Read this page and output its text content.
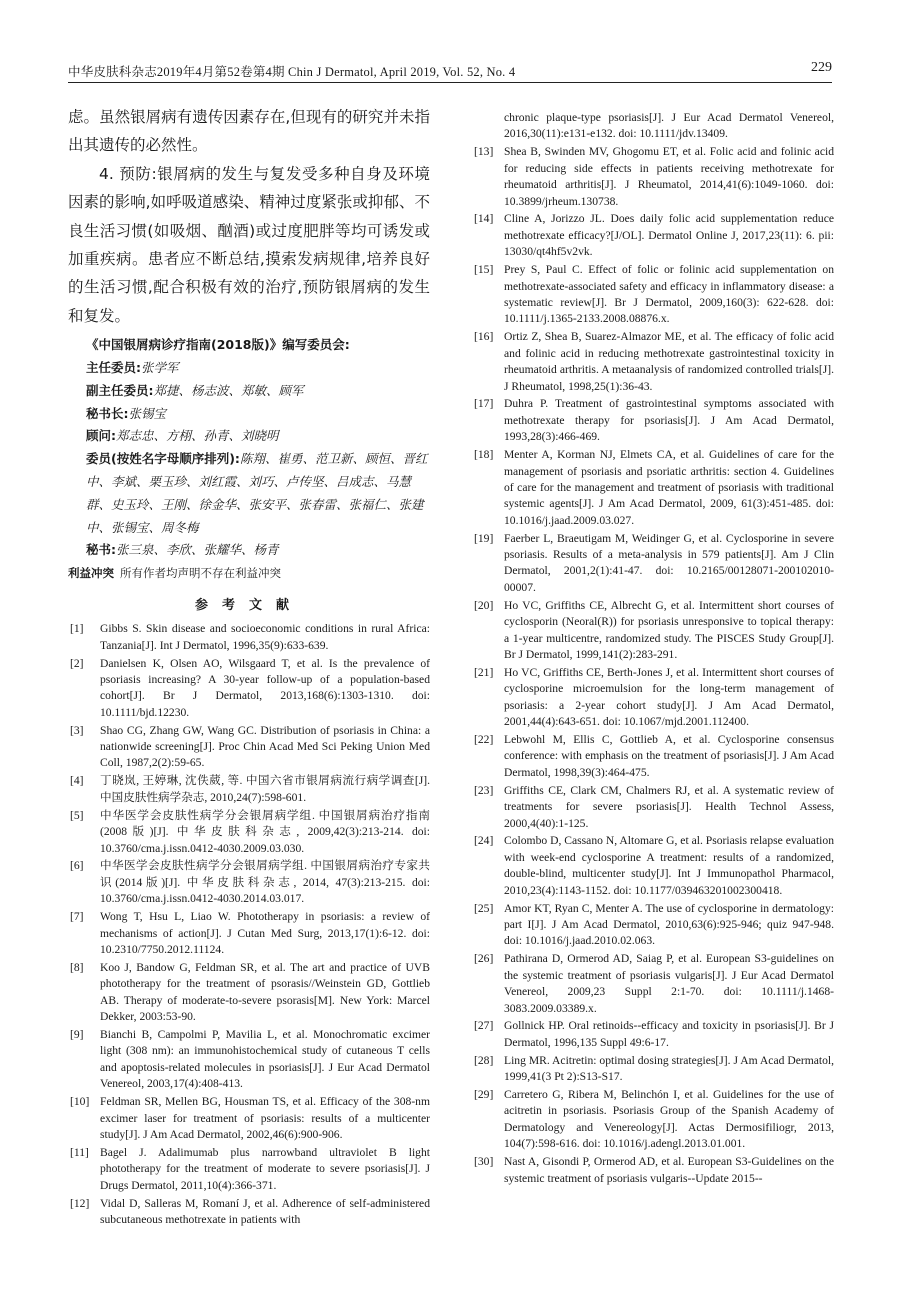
中华皮肤科杂志2019年4月第52卷第4期 Chin J Dermatol, April 2019, Vol. 52, No. 4	229

虑。虽然银屑病有遗传因素存在,但现有的研究并未指出其遗传的必然性。

4. 预防:银屑病的发生与复发受多种自身及环境因素的影响,如呼吸道感染、精神过度紧张或抑郁、不良生活习惯(如吸烟、酗酒)或过度肥胖等均可诱发或加重疾病。患者应不断总结,摸索发病规律,培养良好的生活习惯,配合积极有效的治疗,预防银屑病的发生和复发。

《中国银屑病诊疗指南(2018版)》编写委员会:
主任委员:张学军
副主任委员:郑捷、杨志波、郑敏、顾军
秘书长:张锡宝
顾问:郑志忠、方栩、孙青、刘晓明
委员(按姓名字母顺序排列):陈翔、崔勇、范卫新、顾恒、晋红中、李斌、栗玉珍、刘红霞、刘巧、卢传坚、吕成志、马慧群、史玉玲、王刚、徐金华、张安平、张春雷、张福仁、张建中、张锡宝、周冬梅
秘书:张三泉、李欣、张耀华、杨青
利益冲突 所有作者均声明不存在利益冲突
参考文献
[1] Gibbs S. Skin disease and socioeconomic conditions in rural Africa: Tanzania[J]. Int J Dermatol, 1996,35(9):633-639.
[2] Danielsen K, Olsen AO, Wilsgaard T, et al. Is the prevalence of psoriasis increasing? A 30-year follow-up of a population-based cohort[J]. Br J Dermatol, 2013,168(6):1303-1310. doi: 10.1111/bjd.12230.
[3] Shao CG, Zhang GW, Wang GC. Distribution of psoriasis in China: a nationwide screening[J]. Proc Chin Acad Med Sci Peking Union Med Coll, 1987,2(2):59-65.
[4] 丁晓岚, 王婷琳, 沈佚葳, 等. 中国六省市银屑病流行病学调查[J]. 中国皮肤性病学杂志, 2010,24(7):598-601.
[5] 中华医学会皮肤性病学分会银屑病学组. 中国银屑病治疗指南(2008版)[J]. 中华皮肤科杂志, 2009,42(3):213-214. doi: 10.3760/cma.j.issn.0412-4030.2009.03.030.
[6] 中华医学会皮肤性病学分会银屑病学组. 中国银屑病治疗专家共识(2014版)[J]. 中华皮肤科杂志, 2014, 47(3):213-215. doi: 10.3760/cma.j.issn.0412-4030.2014.03.017.
[7] Wong T, Hsu L, Liao W. Phototherapy in psoriasis: a review of mechanisms of action[J]. J Cutan Med Surg, 2013,17(1):6-12. doi: 10.2310/7750.2012.11124.
[8] Koo J, Bandow G, Feldman SR, et al. The art and practice of UVB phototherapy for the treatment of psorasis//Weinstein GD, Gottlieb AB. Therapy of moderate-to-severe psorasis[M]. New York: Marcel Dekker, 2003:53-90.
[9] Bianchi B, Campolmi P, Mavilia L, et al. Monochromatic excimer light (308 nm): an immunohistochemical study of cutaneous T cells and apoptosis-related molecules in psoriasis[J]. J Eur Acad Dermatol Venereol, 2003,17(4):408-413.
[10] Feldman SR, Mellen BG, Housman TS, et al. Efficacy of the 308-nm excimer laser for treatment of psoriasis: results of a multicenter study[J]. J Am Acad Dermatol, 2002,46(6):900-906.
[11] Bagel J. Adalimumab plus narrowband ultraviolet B light phototherapy for the treatment of moderate to severe psoriasis[J]. J Drugs Dermatol, 2011,10(4):366-371.
[12] Vidal D, Salleras M, Romaní J, et al. Adherence of self-administered subcutaneous methotrexate in patients with
chronic plaque-type psoriasis[J]. J Eur Acad Dermatol Venereol, 2016,30(11):e131-e132. doi: 10.1111/jdv.13409.
[13] Shea B, Swinden MV, Ghogomu ET, et al. Folic acid and folinic acid for reducing side effects in patients receiving methotrexate for rheumatoid arthritis[J]. J Rheumatol, 2014,41(6):1049-1060. doi: 10.3899/jrheum.130738.
[14] Cline A, Jorizzo JL. Does daily folic acid supplementation reduce methotrexate efficacy?[J/OL]. Dermatol Online J, 2017,23(11): 6. pii: 13030/qt4hf5v2vk.
[15] Prey S, Paul C. Effect of folic or folinic acid supplementation on methotrexate-associated safety and efficacy in inflammatory disease: a systematic review[J]. Br J Dermatol, 2009,160(3): 622-628. doi: 10.1111/j.1365-2133.2008.08876.x.
[16] Ortiz Z, Shea B, Suarez-Almazor ME, et al. The efficacy of folic acid and folinic acid in reducing methotrexate gastrointestinal toxicity in rheumatoid arthritis. A metaanalysis of randomized controlled trials[J]. J Rheumatol, 1998,25(1):36-43.
[17] Duhra P. Treatment of gastrointestinal symptoms associated with methotrexate therapy for psoriasis[J]. J Am Acad Dermatol, 1993,28(3):466-469.
[18] Menter A, Korman NJ, Elmets CA, et al. Guidelines of care for the management of psoriasis and psoriatic arthritis: section 4. Guidelines of care for the management and treatment of psoriasis with traditional systemic agents[J]. J Am Acad Dermatol, 2009, 61(3):451-485. doi: 10.1016/j.jaad.2009.03.027.
[19] Faerber L, Braeutigam M, Weidinger G, et al. Cyclosporine in severe psoriasis. Results of a meta-analysis in 579 patients[J]. Am J Clin Dermatol, 2001,2(1):41-47. doi: 10.2165/00128071-200102010-00007.
[20] Ho VC, Griffiths CE, Albrecht G, et al. Intermittent short courses of cyclosporin (Neoral(R)) for psoriasis unresponsive to topical therapy: a 1-year multicentre, randomized study. The PISCES Study Group[J]. Br J Dermatol, 1999,141(2):283-291.
[21] Ho VC, Griffiths CE, Berth-Jones J, et al. Intermittent short courses of cyclosporine microemulsion for the long-term management of psoriasis: a 2-year cohort study[J]. J Am Acad Dermatol, 2001,44(4):643-651. doi: 10.1067/mjd.2001.112400.
[22] Lebwohl M, Ellis C, Gottlieb A, et al. Cyclosporine consensus conference: with emphasis on the treatment of psoriasis[J]. J Am Acad Dermatol, 1998,39(3):464-475.
[23] Griffiths CE, Clark CM, Chalmers RJ, et al. A systematic review of treatments for severe psoriasis[J]. Health Technol Assess, 2000,4(40):1-125.
[24] Colombo D, Cassano N, Altomare G, et al. Psoriasis relapse evaluation with week-end cyclosporine A treatment: results of a randomized, double-blind, multicenter study[J]. Int J Immunopathol Pharmacol, 2010,23(4):1143-1152. doi: 10.1177/039463201002300418.
[25] Amor KT, Ryan C, Menter A. The use of cyclosporine in dermatology: part I[J]. J Am Acad Dermatol, 2010,63(6):925-946; quiz 947-948. doi: 10.1016/j.jaad.2010.02.063.
[26] Pathirana D, Ormerod AD, Saiag P, et al. European S3-guidelines on the systemic treatment of psoriasis vulgaris[J]. J Eur Acad Dermatol Venereol, 2009,23 Suppl 2:1-70. doi: 10.1111/j.1468-3083.2009.03389.x.
[27] Gollnick HP. Oral retinoids--efficacy and toxicity in psoriasis[J]. Br J Dermatol, 1996,135 Suppl 49:6-17.
[28] Ling MR. Acitretin: optimal dosing strategies[J]. J Am Acad Dermatol, 1999,41(3 Pt 2):S13-S17.
[29] Carretero G, Ribera M, Belinchón I, et al. Guidelines for the use of acitretin in psoriasis. Psoriasis Group of the Spanish Academy of Dermatology and Venereology[J]. Actas Dermosifiliogr, 2013, 104(7):598-616. doi: 10.1016/j.adengl.2013.01.001.
[30] Nast A, Gisondi P, Ormerod AD, et al. European S3-Guidelines on the systemic treatment of psoriasis vulgaris--Update 2015--
